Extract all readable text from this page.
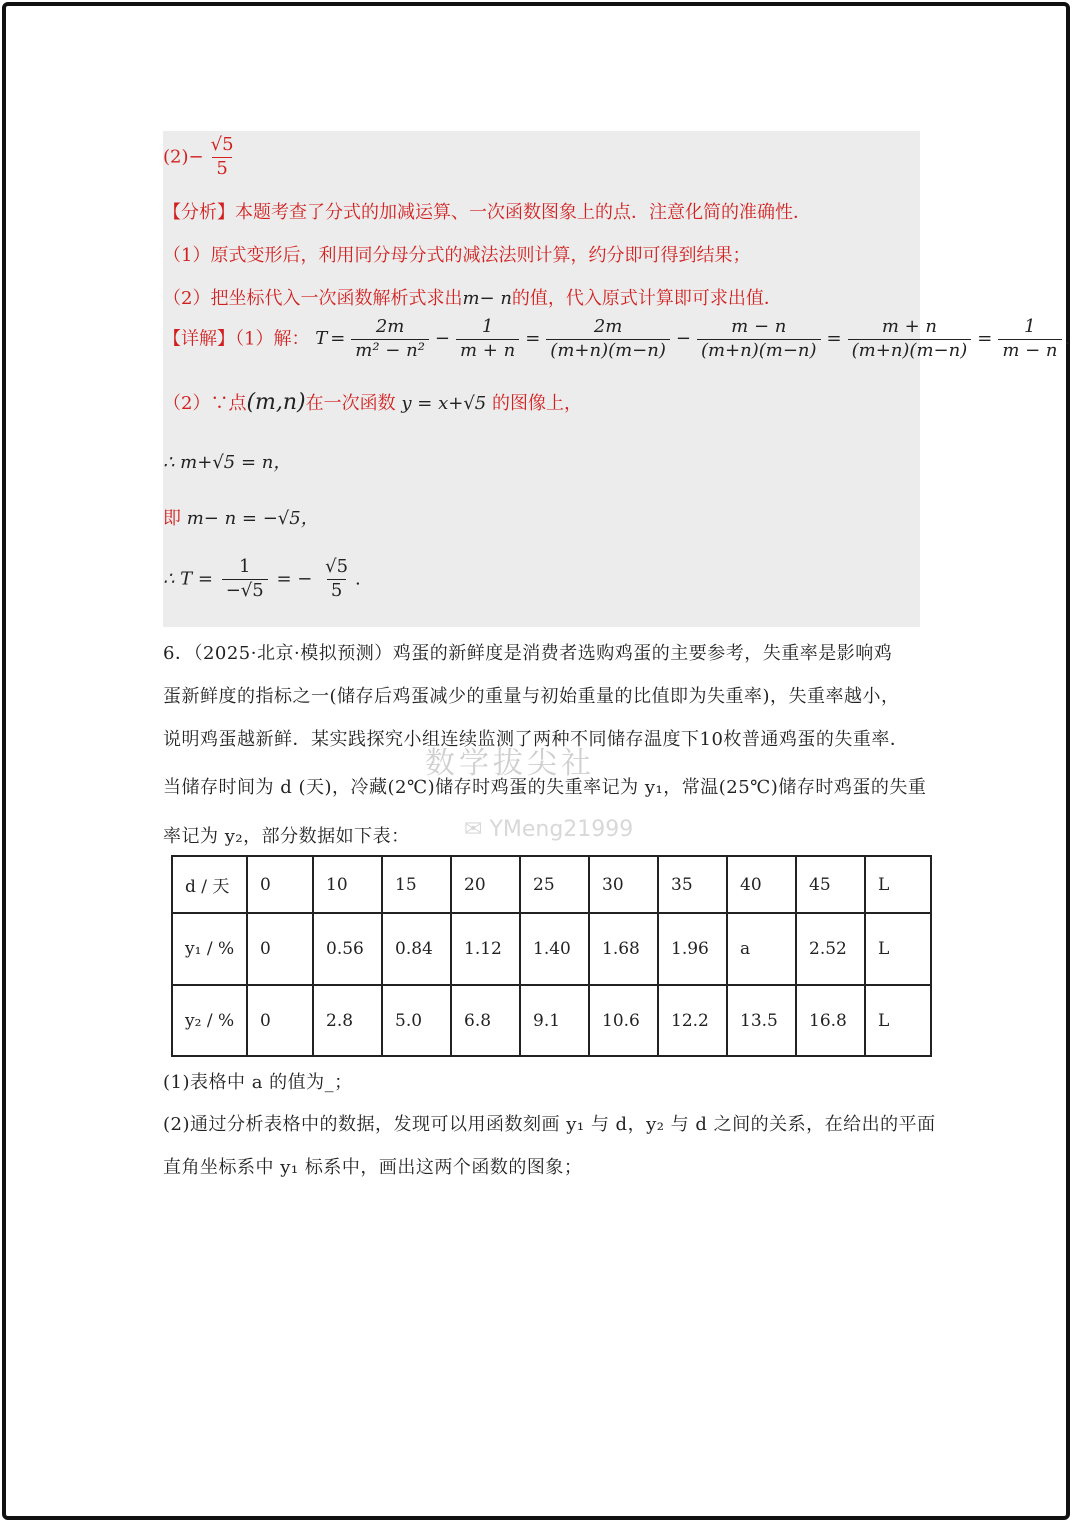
$(2)- \frac{√5}{5}$
【分析】本题考查了分式的加减运算、一次函数图象上的点．注意化简的准确性．
（1）原式变形后，利用同分母分式的减法法则计算，约分即可得到结果；
（2）把坐标代入一次函数解析式求出m− n的值，代入原式计算即可求出值．
【详解】（1）解： $T = \frac{2m}{\text{m² − n²}} - \frac{1}{m + n} = \frac{2m}{(m+n)(m-n)} - \frac{m - n}{(m+n)(m-n)} = \frac{m + n}{(m+n)(m-n)} = \frac{1}{m - n}$ .
（2）∵点(m,n)在一次函数 y = x+√5 的图像上，
∴ m+√5 = n，
即 m− n = −√5，
∴ $T = \frac{1}{-√5}$ = − $\frac{√5}{5}$ .
6．（2025·北京·模拟预测）鸡蛋的新鲜度是消费者选购鸡蛋的主要参考，失重率是影响鸡
蛋新鲜度的指标之一(储存后鸡蛋减少的重量与初始重量的比值即为失重率)，失重率越小，
说明鸡蛋越新鲜．某实践探究小组连续监测了两种不同储存温度下10枚普通鸡蛋的失重率．
当储存时间为 d (天)，冷藏(2℃)储存时鸡蛋的失重率记为 y₁，常温(25℃)储存时鸡蛋的失重
率记为 y₂，部分数据如下表：
数学拔尖社
✉ YMeng21999
d / 天	0	10	15	20	25	30	35	40	45	L
y₁ / %	0	0.56	0.84	1.12	1.40	1.68	1.96	a	2.52	L
y₂ / %	0	2.8	5.0	6.8	9.1	10.6	12.2	13.5	16.8	L
(1)表格中 a 的值为_；
(2)通过分析表格中的数据，发现可以用函数刻画 y₁ 与 d，y₂ 与 d 之间的关系，在给出的平面
直角坐标系中 y₁ 标系中，画出这两个函数的图象；
